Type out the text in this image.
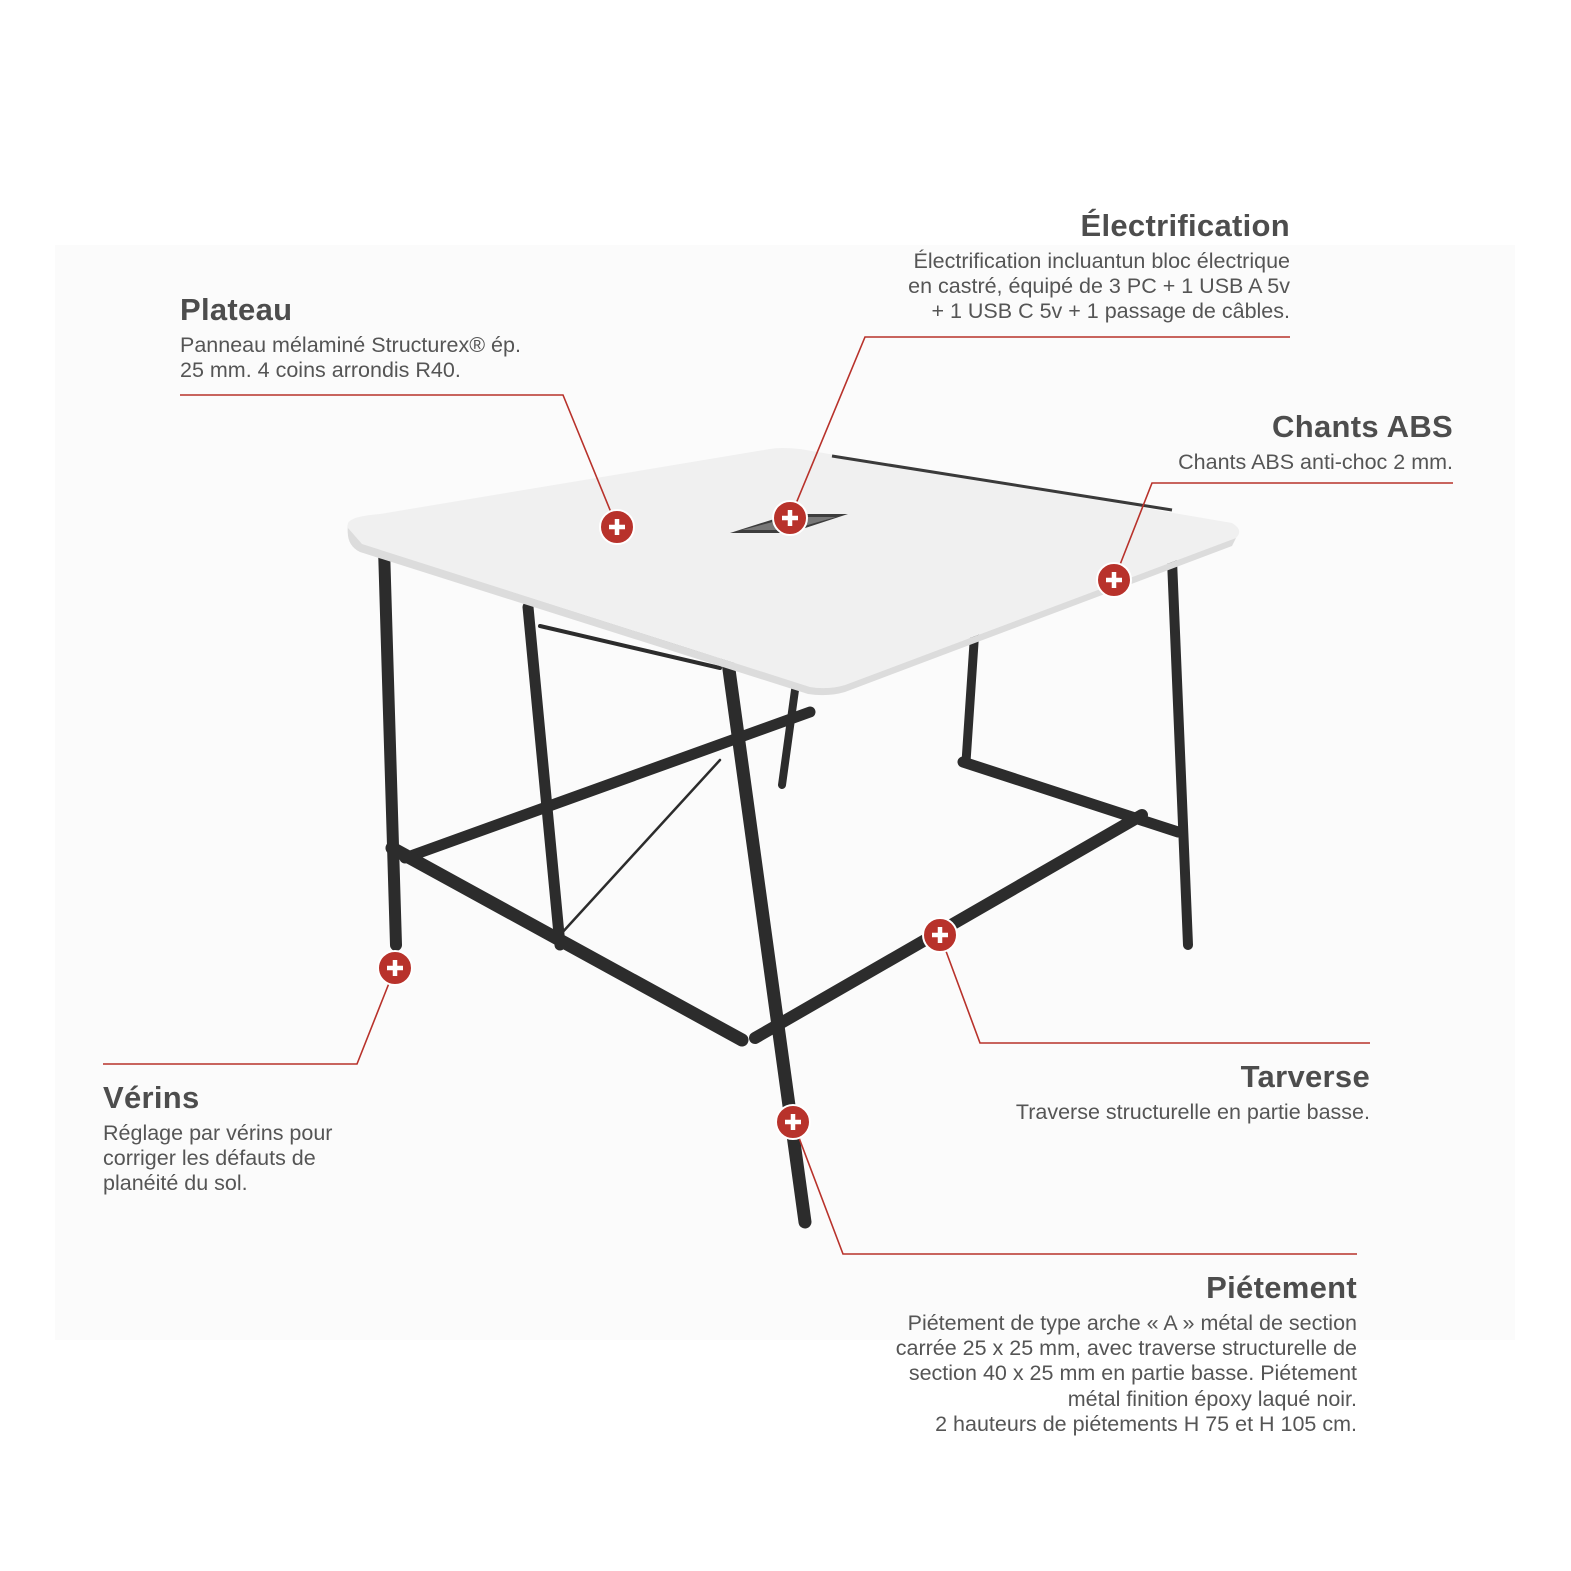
Électrification
Électrification incluantun bloc électrique
en castré, équipé de 3 PC + 1 USB A 5v
+ 1 USB C 5v + 1 passage de câbles.
Plateau
Panneau mélaminé Structurex® ép.
25 mm. 4 coins arrondis R40.
Chants ABS
Chants ABS anti-choc 2 mm.
Vérins
Réglage par vérins pour
corriger les défauts de
planéité du sol.
Tarverse
Traverse structurelle en partie basse.
Piétement
Piétement de type arche « A » métal de section
carrée 25 x 25 mm, avec traverse structurelle de
section 40 x 25 mm en partie basse. Piétement
métal finition époxy laqué noir.
2 hauteurs de piétements H 75 et H 105 cm.
